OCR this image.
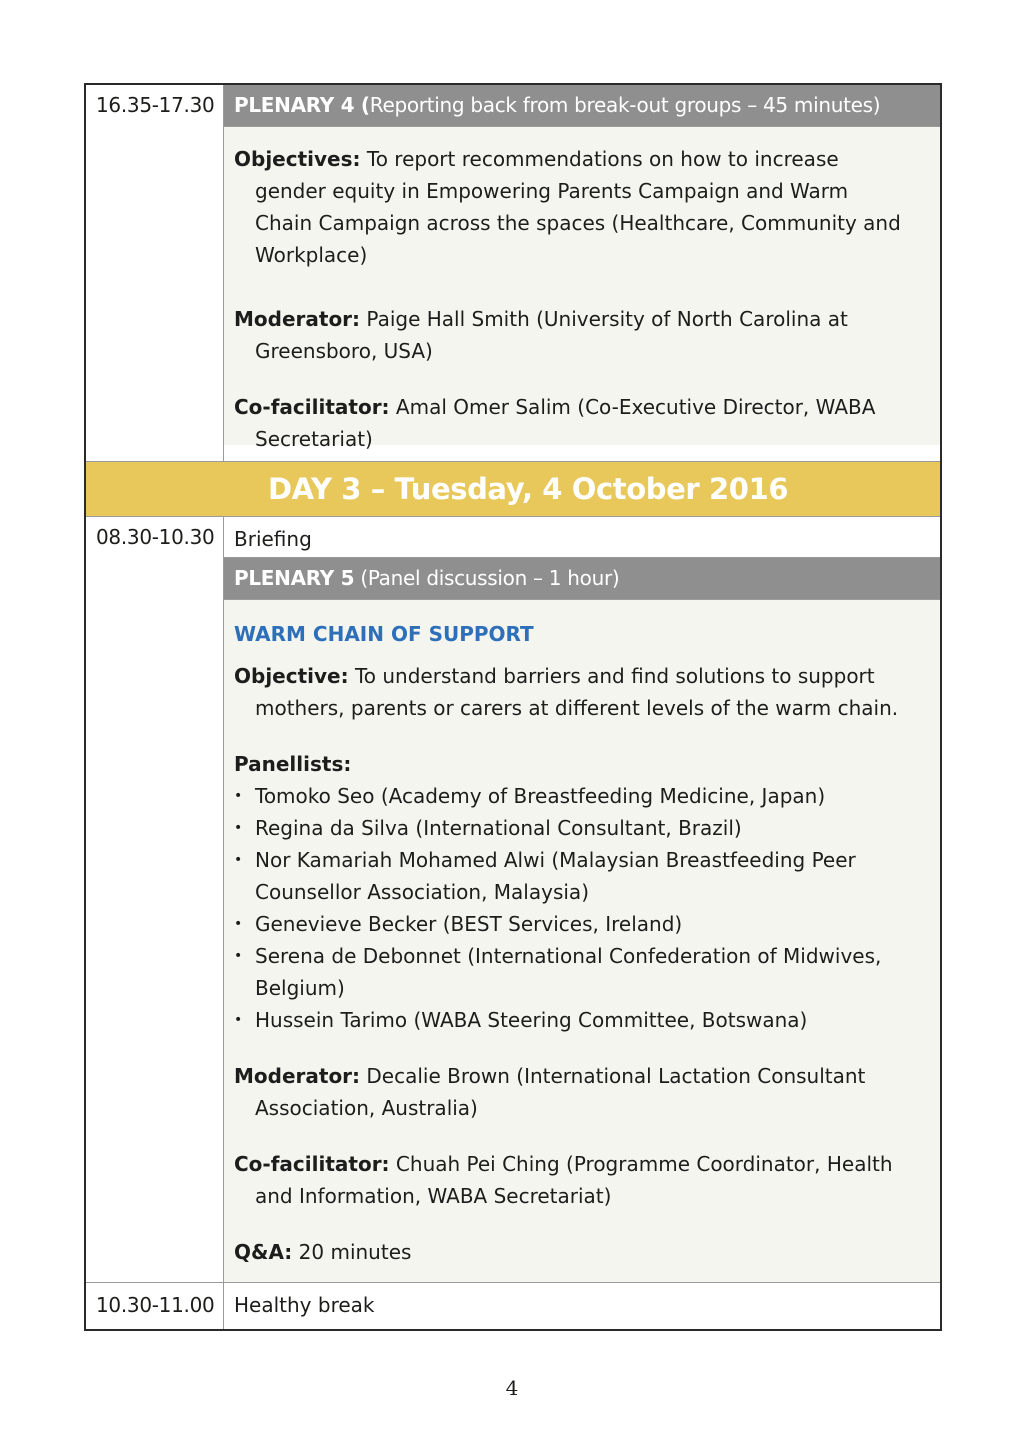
16.35-17.30 PLENARY 4 (Reporting back from break-out groups – 45 minutes)

Objectives: To report recommendations on how to increase gender equity in Empowering Parents Campaign and Warm Chain Campaign across the spaces (Healthcare, Community and Workplace)

Moderator: Paige Hall Smith (University of North Carolina at Greensboro, USA)

Co-facilitator: Amal Omer Salim (Co-Executive Director, WABA Secretariat)

DAY 3 – Tuesday, 4 October 2016
08.30-10.30 Briefing
PLENARY 5 (Panel discussion – 1 hour)

WARM CHAIN OF SUPPORT

Objective: To understand barriers and find solutions to support mothers, parents or carers at different levels of the warm chain.

Panellists:

• Tomoko Seo (Academy of Breastfeeding Medicine, Japan)
• Regina da Silva (International Consultant, Brazil)
• Nor Kamariah Mohamed Alwi (Malaysian Breastfeeding Peer Counsellor Association, Malaysia)
• Genevieve Becker (BEST Services, Ireland)
• Serena de Debonnet (International Confederation of Midwives, Belgium)
• Hussein Tarimo (WABA Steering Committee, Botswana)

Moderator: Decalie Brown (International Lactation Consultant Association, Australia)

Co-facilitator: Chuah Pei Ching (Programme Coordinator, Health and Information, WABA Secretariat)

Q&A: 20 minutes

10.30-11.00 Healthy break
4
